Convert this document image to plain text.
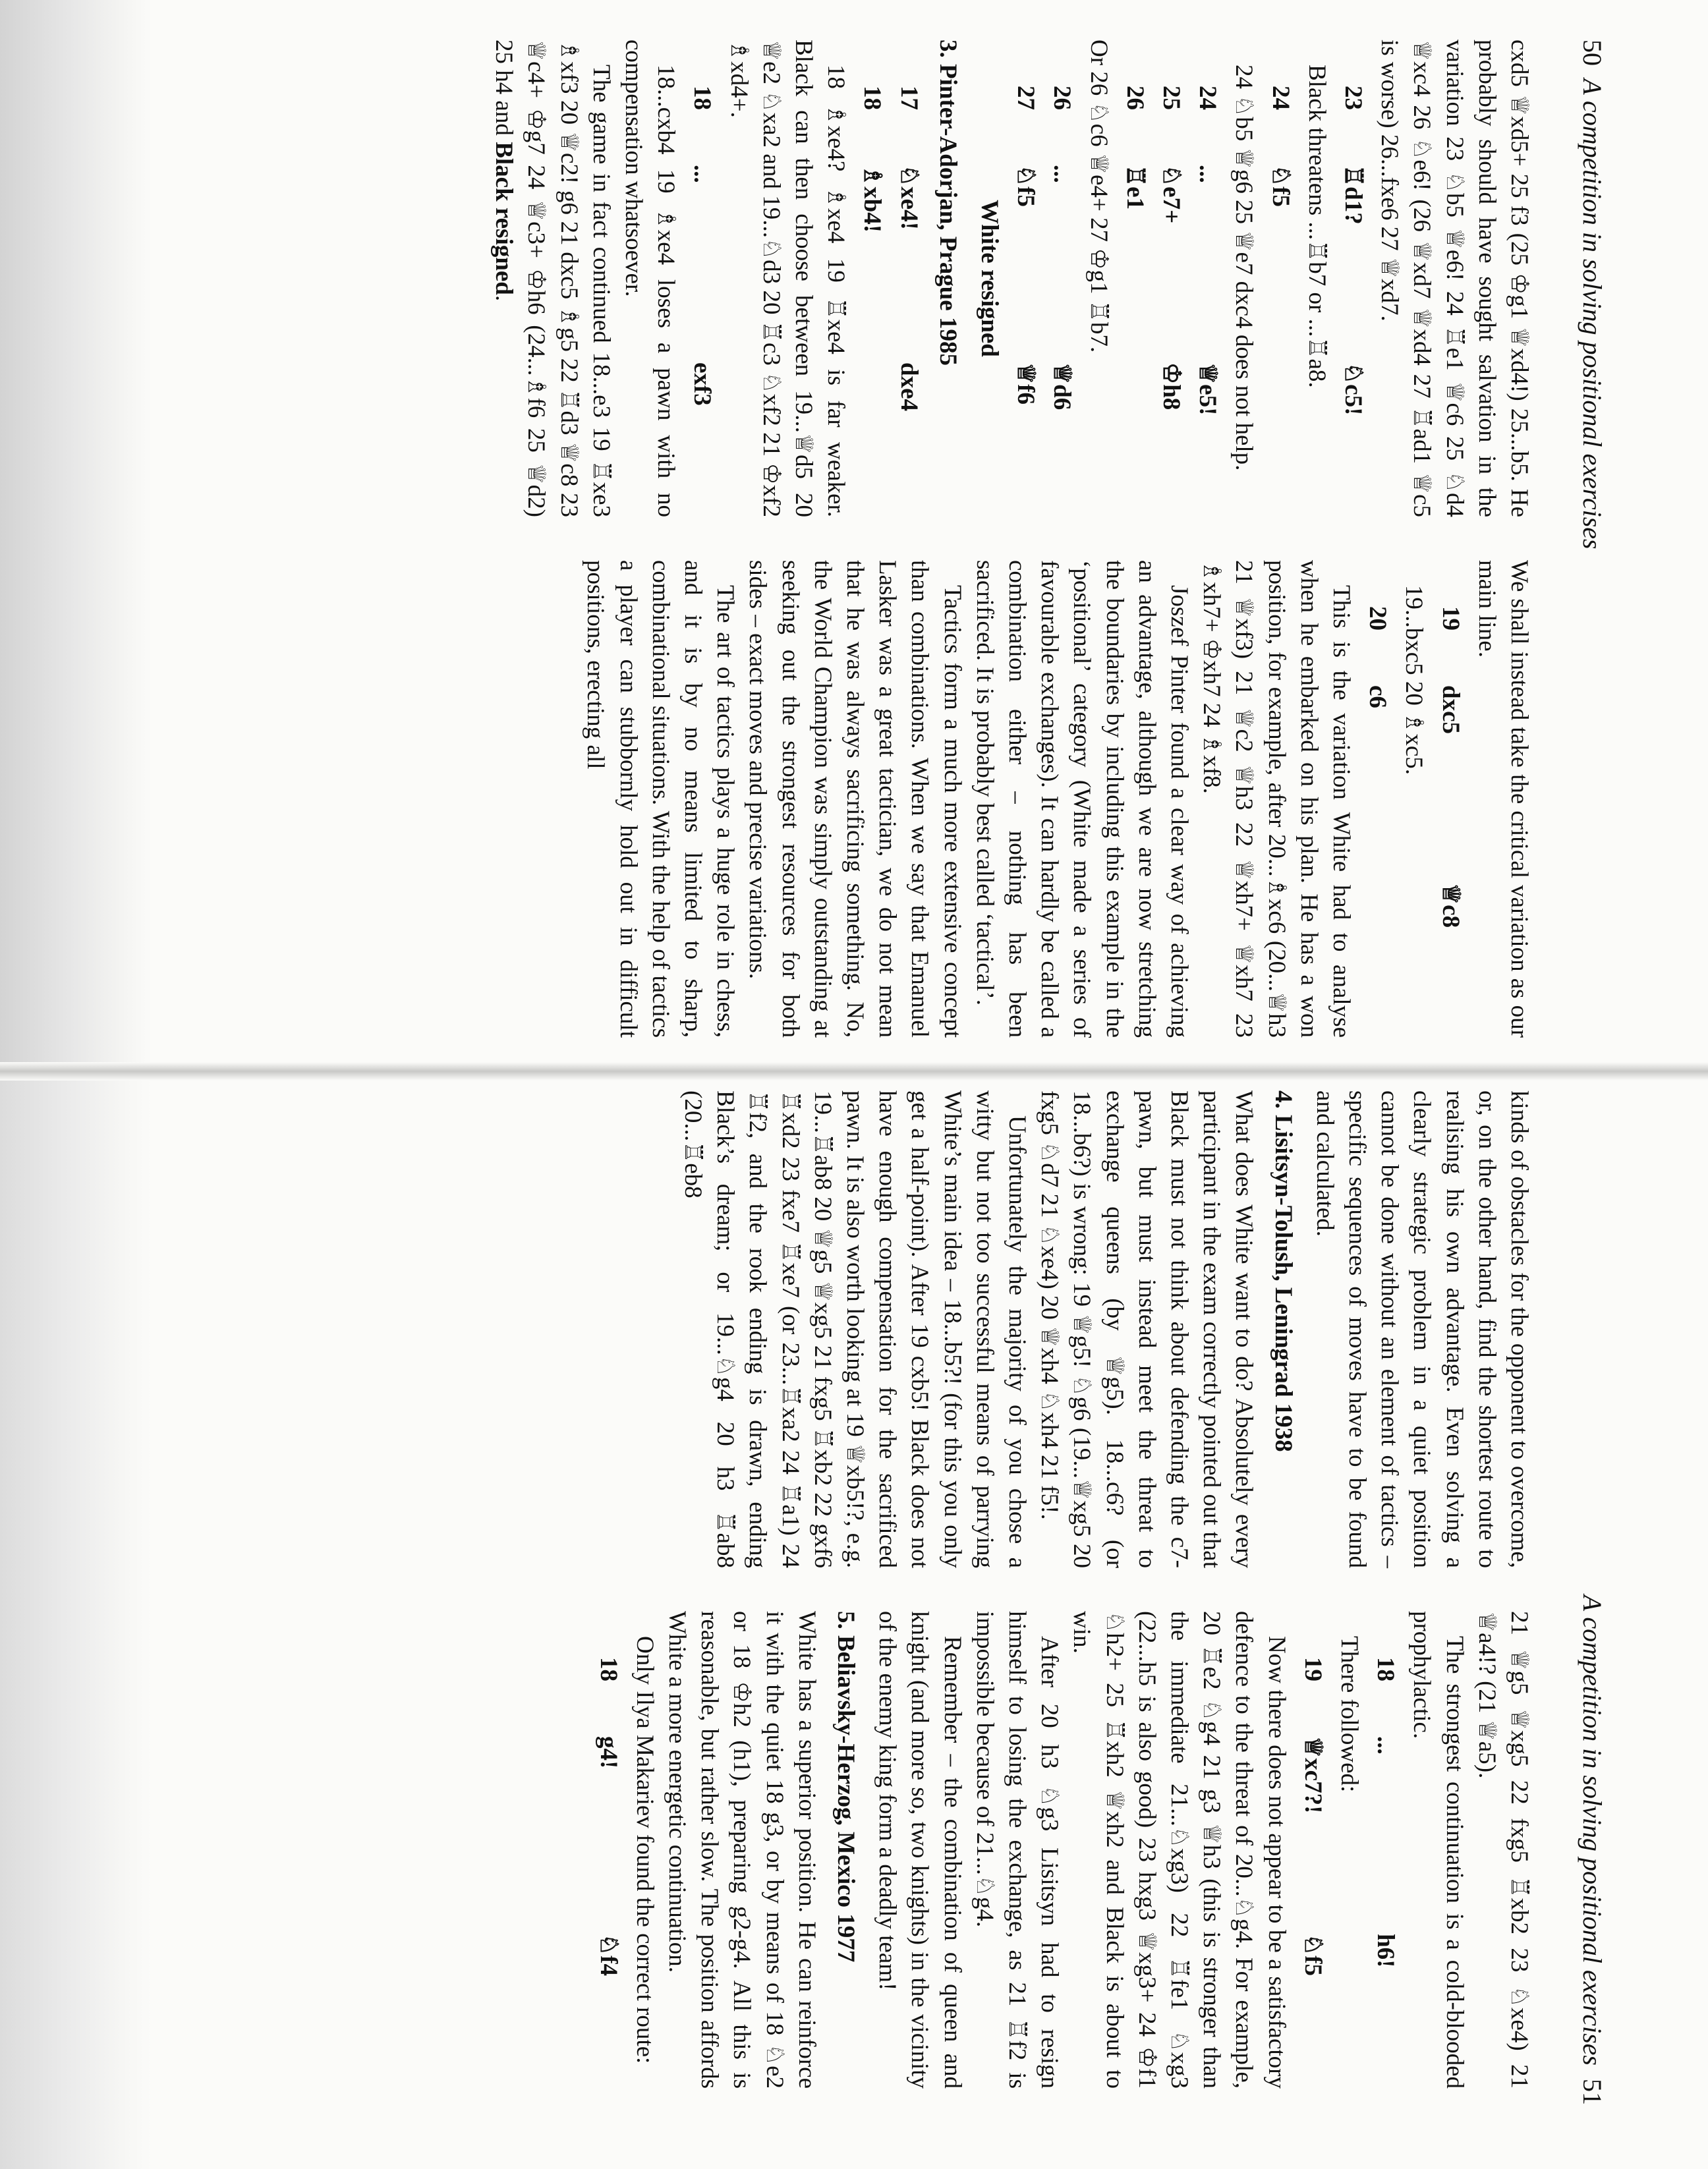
50  A competition in solving positional exercises

cxd5 ♕xd5+ 25 f3 (25 ♔g1 ♕xd4!) 25...b5. He probably should have sought salvation in the variation 23 ♘b5 ♕e6! 24 ♖e1 ♕c6 25 ♘d4 ♕xc4 26 ♘e6! (26 ♕xd7 ♕xd4 27 ♖ad1 ♕c5 is worse) 26...fxe6 27 ♕xd7.

23
♖d1?
♘c5!

Black threatens ...♖b7 or ...♖a8.

24
♘f5

24 ♘b5 ♕g6 25 ♕e7 dxc4 does not help.

24
...
♕e5!
25
♘e7+
♔h8
26
♖e1

Or 26 ♘c6 ♕e4+ 27 ♔g1 ♖b7.

26
...
♕d6
27
♘f5
♕f6
White resigned
3. Pinter-Adorjan, Prague 1985
17
♘xe4!
dxe4
18
♗xb4!

18 ♗xe4? ♗xe4 19 ♖xe4 is far weaker. Black can then choose between 19...♕d5 20 ♕e2 ♘xa2 and 19...♘d3 20 ♖c3 ♘xf2 21 ♔xf2 ♗xd4+.

18
...
exf3

18...cxb4 19 ♗xe4 loses a pawn with no compensation whatsoever.

The game in fact continued 18...e3 19 ♖xe3 ♗xf3 20 ♕c2! g6 21 dxc5 ♗g5 22 ♖d3 ♕c8 23 ♕c4+ ♔g7 24 ♕c3+ ♔h6 (24...♗f6 25 ♕d2) 25 h4 and Black resigned.

We shall instead take the critical variation as our main line.

19
dxc5
♕c8

19...bxc5 20 ♗xc5.

20
c6

This is the variation White had to analyse when he embarked on his plan. He has a won position, for example, after 20...♗xc6 (20...♕h3 21 ♕xf3) 21 ♕c2 ♕h3 22 ♕xh7+ ♕xh7 23 ♗xh7+ ♔xh7 24 ♗xf8.

Joszef Pinter found a clear way of achieving an advantage, although we are now stretching the boundaries by including this example in the ‘positional’ category (White made a series of favourable exchanges). It can hardly be called a combination either – nothing has been sacrificed. It is probably best called ‘tactical’.

Tactics form a much more extensive concept than combinations. When we say that Emanuel Lasker was a great tactician, we do not mean that he was always sacrificing something. No, the World Champion was simply outstanding at seeking out the strongest resources for both sides – exact moves and precise variations.

The art of tactics plays a huge role in chess, and it is by no means limited to sharp, combinational situations. With the help of tactics a player can stubbornly hold out in difficult positions, erecting all

A competition in solving positional exercises  51

kinds of obstacles for the opponent to overcome, or, on the other hand, find the shortest route to realising his own advantage. Even solving a clearly strategic problem in a quiet position cannot be done without an element of tactics – specific sequences of moves have to be found and calculated.

4. Lisitsyn-Tolush, Leningrad 1938

What does White want to do? Absolutely every participant in the exam correctly pointed out that Black must not think about defending the c7-pawn, but must instead meet the threat to exchange queens (by ♕g5). 18...c6? (or 18...b6?) is wrong: 19 ♕g5! ♘g6 (19...♕xg5 20 fxg5 ♘d7 21 ♘xe4) 20 ♕xh4 ♘xh4 21 f5!.

Unfortunately the majority of you chose a witty but not too successful means of parrying White’s main idea – 18...b5?! (for this you only get a half-point). After 19 cxb5! Black does not have enough compensation for the sacrificed pawn. It is also worth looking at 19 ♕xb5!?, e.g. 19...♖ab8 20 ♕g5 ♕xg5 21 fxg5 ♖xb2 22 gxf6 ♖xd2 23 fxe7 ♖xe7 (or 23...♖xa2 24 ♖a1) 24 ♖f2, and the rook ending is drawn, ending Black’s dream; or 19...♘g4 20 h3 ♖ab8 (20...♖eb8

21 ♕g5 ♕xg5 22 fxg5 ♖xb2 23 ♘xe4) 21 ♕a4!? (21 ♕a5).

The strongest continuation is a cold-blooded prophylactic.

18
...
h6!

There followed:

19
♕xc7?!
♘f5

Now there does not appear to be a satisfactory defence to the threat of 20...♘g4. For example, 20 ♖e2 ♘g4 21 g3 ♕h3 (this is stronger than the immediate 21...♘xg3) 22 ♖fe1 ♘xg3 (22...h5 is also good) 23 hxg3 ♕xg3+ 24 ♔f1 ♘h2+ 25 ♖xh2 ♕xh2 and Black is about to win.

After 20 h3 ♘g3 Lisitsyn had to resign himself to losing the exchange, as 21 ♖f2 is impossible because of 21...♘g4.

Remember – the combination of queen and knight (and more so, two knights) in the vicinity of the enemy king form a deadly team!

5. Beliavsky-Herzog, Mexico 1977

White has a superior position. He can reinforce it with the quiet 18 g3, or by means of 18 ♘e2 or 18 ♔h2 (h1), preparing g2-g4. All this is reasonable, but rather slow. The position affords White a more energetic continuation.

Only Ilya Makariev found the correct route:

18
g4!
♘f4
